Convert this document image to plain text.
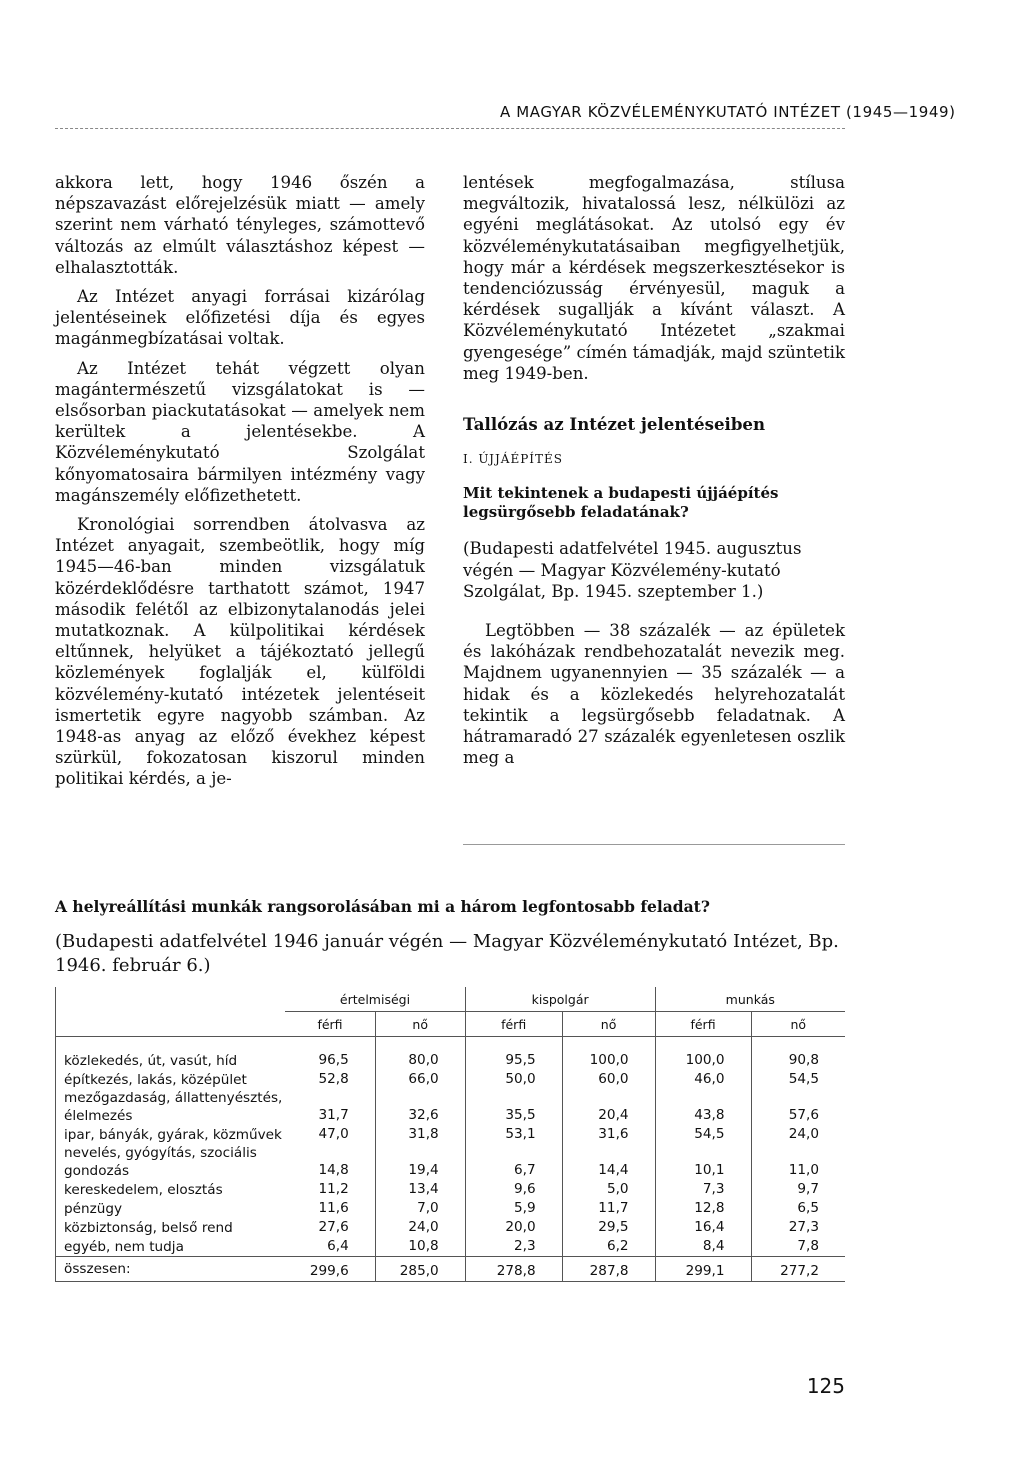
A MAGYAR KÖZVÉLEMÉNYKUTATÓ INTÉZET (1945—1949)

akkora lett, hogy 1946 őszén a népszavazást előrejelzésük miatt — amely szerint nem várható tényleges, számottevő változás az elmúlt választáshoz képest — elhalasztották.

Az Intézet anyagi forrásai kizárólag jelentéseinek előfizetési díja és egyes magánmegbízatásai voltak.

Az Intézet tehát végzett olyan magántermészetű vizsgálatokat is — elsősorban piackutatásokat — amelyek nem kerültek a jelentésekbe. A Közvéleménykutató Szolgálat kőnyomatosaira bármilyen intézmény vagy magánszemély előfizethetett.

Kronológiai sorrendben átolvasva az Intézet anyagait, szembeötlik, hogy míg 1945—46-ban minden vizsgálatuk közérdeklődésre tarthatott számot, 1947 második felétől az elbizonytalanodás jelei mutatkoznak. A külpolitikai kérdések eltűnnek, helyüket a tájékoztató jellegű közlemények foglalják el, külföldi közvélemény-kutató intézetek jelentéseit ismertetik egyre nagyobb számban. Az 1948-as anyag az előző évekhez képest szürkül, fokozatosan kiszorul minden politikai kérdés, a je-

lentések megfogalmazása, stílusa megváltozik, hivatalossá lesz, nélkülözi az egyéni meglátásokat. Az utolsó egy év közvéleménykutatásaiban megfigyelhetjük, hogy már a kérdések megszerkesztésekor is tendenciózusság érvényesül, maguk a kérdések sugallják a kívánt választ. A Közvéleménykutató Intézetet „szakmai gyengesége” címén támadják, majd szüntetik meg 1949-ben.

Tallózás az Intézet jelentéseiben

I. ÚJJÁÉPÍTÉS

Mit tekintenek a budapesti újjáépítés legsürgősebb feladatának?

(Budapesti adatfelvétel 1945. augusztus végén — Magyar Közvélemény-kutató Szolgálat, Bp. 1945. szeptember 1.)

Legtöbben — 38 százalék — az épületek és lakóházak rendbehozatalát nevezik meg. Majdnem ugyanennyien — 35 százalék — a hidak és a közlekedés helyrehozatalát tekintik a legsürgősebb feladatnak. A hátramaradó 27 százalék egyenletesen oszlik meg a

A helyreállítási munkák rangsorolásában mi a három legfontosabb feladat?
(Budapesti adatfelvétel 1946 január végén — Magyar Közvéleménykutató Intézet, Bp. 1946. február 6.)
	értelmiségi		kispolgár		munkás	
	férfi	nő	férfi	nő	férfi	nő

közlekedés, út, vasút, híd	96,5	80,0	95,5	100,0	100,0	90,8
építkezés, lakás, középület	52,8	66,0	50,0	60,0	46,0	54,5
mezőgazdaság, állattenyésztés, élelmezés	31,7	32,6	35,5	20,4	43,8	57,6
ipar, bányák, gyárak, közművek	47,0	31,8	53,1	31,6	54,5	24,0
nevelés, gyógyítás, szociális gondozás	14,8	19,4	6,7	14,4	10,1	11,0
kereskedelem, elosztás	11,2	13,4	9,6	5,0	7,3	9,7
pénzügy	11,6	7,0	5,9	11,7	12,8	6,5
közbiztonság, belső rend	27,6	24,0	20,0	29,5	16,4	27,3
egyéb, nem tudja	6,4	10,8	2,3	6,2	8,4	7,8
összesen:	299,6	285,0	278,8	287,8	299,1	277,2
125
